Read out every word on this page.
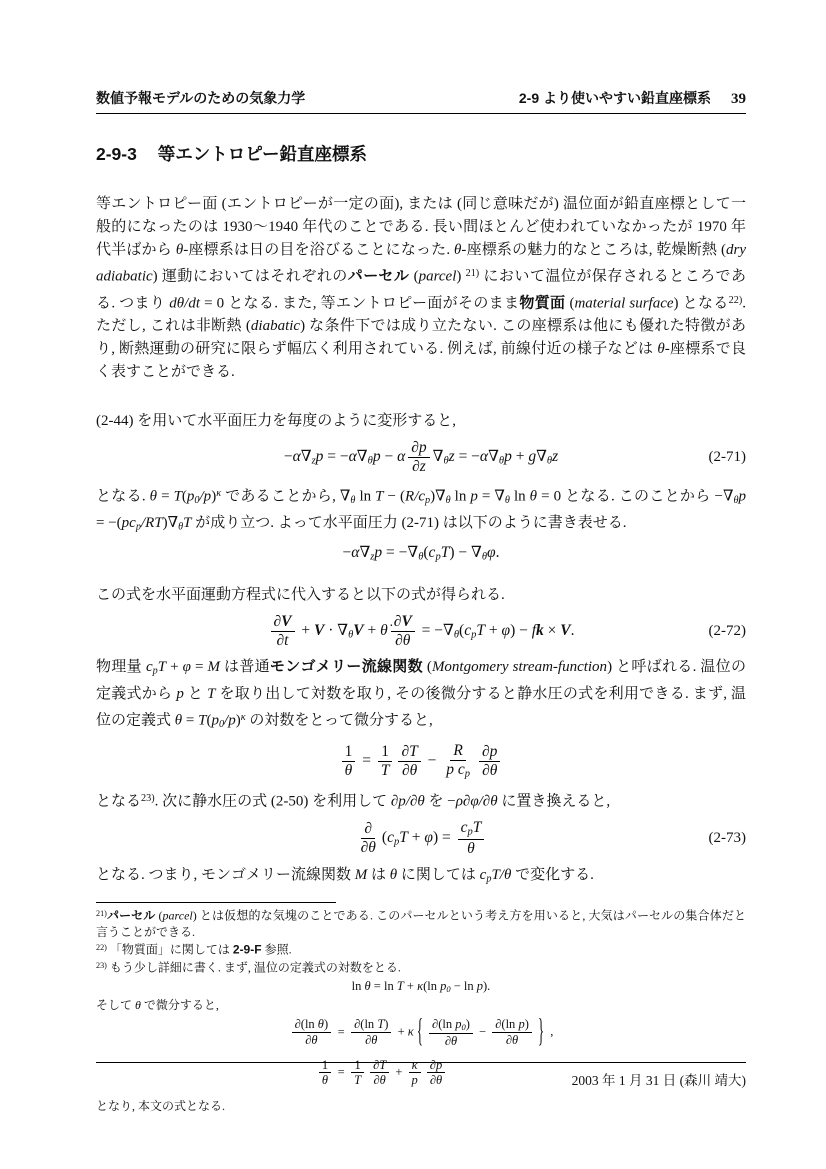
数値予報モデルのための気象力学	2-9 より使いやすい鉛直座標系 39
2-9-3 等エントロピー鉛直座標系
等エントロピー面 (エントロピーが一定の面), または (同じ意味だが) 温位面が鉛直座標として一般的になったのは 1930〜1940 年代のことである. 長い間ほとんど使われていなかったが 1970 年代半ばから θ-座標系は日の目を浴びることになった. θ-座標系の魅力的なところは, 乾燥断熱 (dry adiabatic) 運動においてはそれぞれのパーセル (parcel) $^{21)}$ において温位が保存されるところである. つまり dθ/dt = 0 となる. また, 等エントロピー面がそのまま物質面 (material surface) となる$^{22)}$. ただし, これは非断熱 (diabatic) な条件下では成り立たない. この座標系は他にも優れた特徴があり, 断熱運動の研究に限らず幅広く利用されている. 例えば, 前線付近の様子などは θ-座標系で良く表すことができる.
(2-44) を用いて水平面圧力を毎度のように変形すると,
−α∇zp = −α∇θp − α $\frac{\partial p}{\partial z} \nabla\theta z = -\alpha\nabla\theta p + g\nabla\theta z$	(2-71)
となる. $\theta = T(p0/p)^\kappa$ であることから, ∇θ ln T − (R/cp)∇θ ln p = ∇θ ln θ = 0 となる. このことから −∇θp = −(pcp/RT)∇θT が成り立つ. よって水平面圧力 (2-71) は以下のように書き表せる.
−α∇zp = −∇θ(cpT) − ∇θφ.
この式を水平面運動方程式に代入すると以下の式が得られる.
$\frac{\partial V}{\partial t} + V \cdot \nabla\theta V$ + θ̇ $\frac{\partial V}{\partial\theta} = -\nabla\theta(cpT + \varphi)$ − fk × V.	(2-72)
物理量 cpT + φ = M は普通モンゴメリー流線関数 (Montgomery stream-function) と呼ばれる. 温位の定義式から p と T を取り出して対数を取り, その後微分すると静水圧の式を利用できる. まず, 温位の定義式 $\theta = T(p0/p)^\kappa$ の対数をとって微分すると,
$\frac{1}{\theta} = \frac{1}{T} \frac{\partial T}{\partial\theta} - \frac{R}{\text{p cp}} \frac{\partial p}{\partial\theta}$
となる$^{23)}$. 次に静水圧の式 (2-50) を利用して ∂p/∂θ を −ρ∂φ/∂θ に置き換えると,
$\frac{\partial}{\partial\theta} (cpT + \varphi) = \frac{\text{cpT}}{\theta}$	(2-73)
となる. つまり, モンゴメリー流線関数 M は θ に関しては cpT/θ で変化する.
$^{21)}$パーセル (parcel) とは仮想的な気塊のことである. このパーセルという考え方を用いると, 大気はパーセルの集合体だと言うことができる.
$^{22)}$ 「物質面」に関しては 2-9-F 参照.
$^{23)}$ もう少し詳細に書く. まず, 温位の定義式の対数をとる.
ln θ = ln T + κ(ln p0 − ln p).
そして θ で微分すると,
$\frac{\text{∂(ln θ)}}{\partial\theta} = \frac{\text{∂(ln T)}}{\partial\theta} + \kappa$ { $\frac{\text{∂(ln p0)}}{\partial\theta} - \frac{\text{∂(ln p)}}{\partial\theta}$ } ,
$\frac{1}{\theta} = \frac{1}{T} \frac{\partial T}{\partial\theta} + \frac{\kappa}{p} \frac{\partial p}{\partial\theta}$
となり, 本文の式となる.
2003 年 1 月 31 日 (森川 靖大)
